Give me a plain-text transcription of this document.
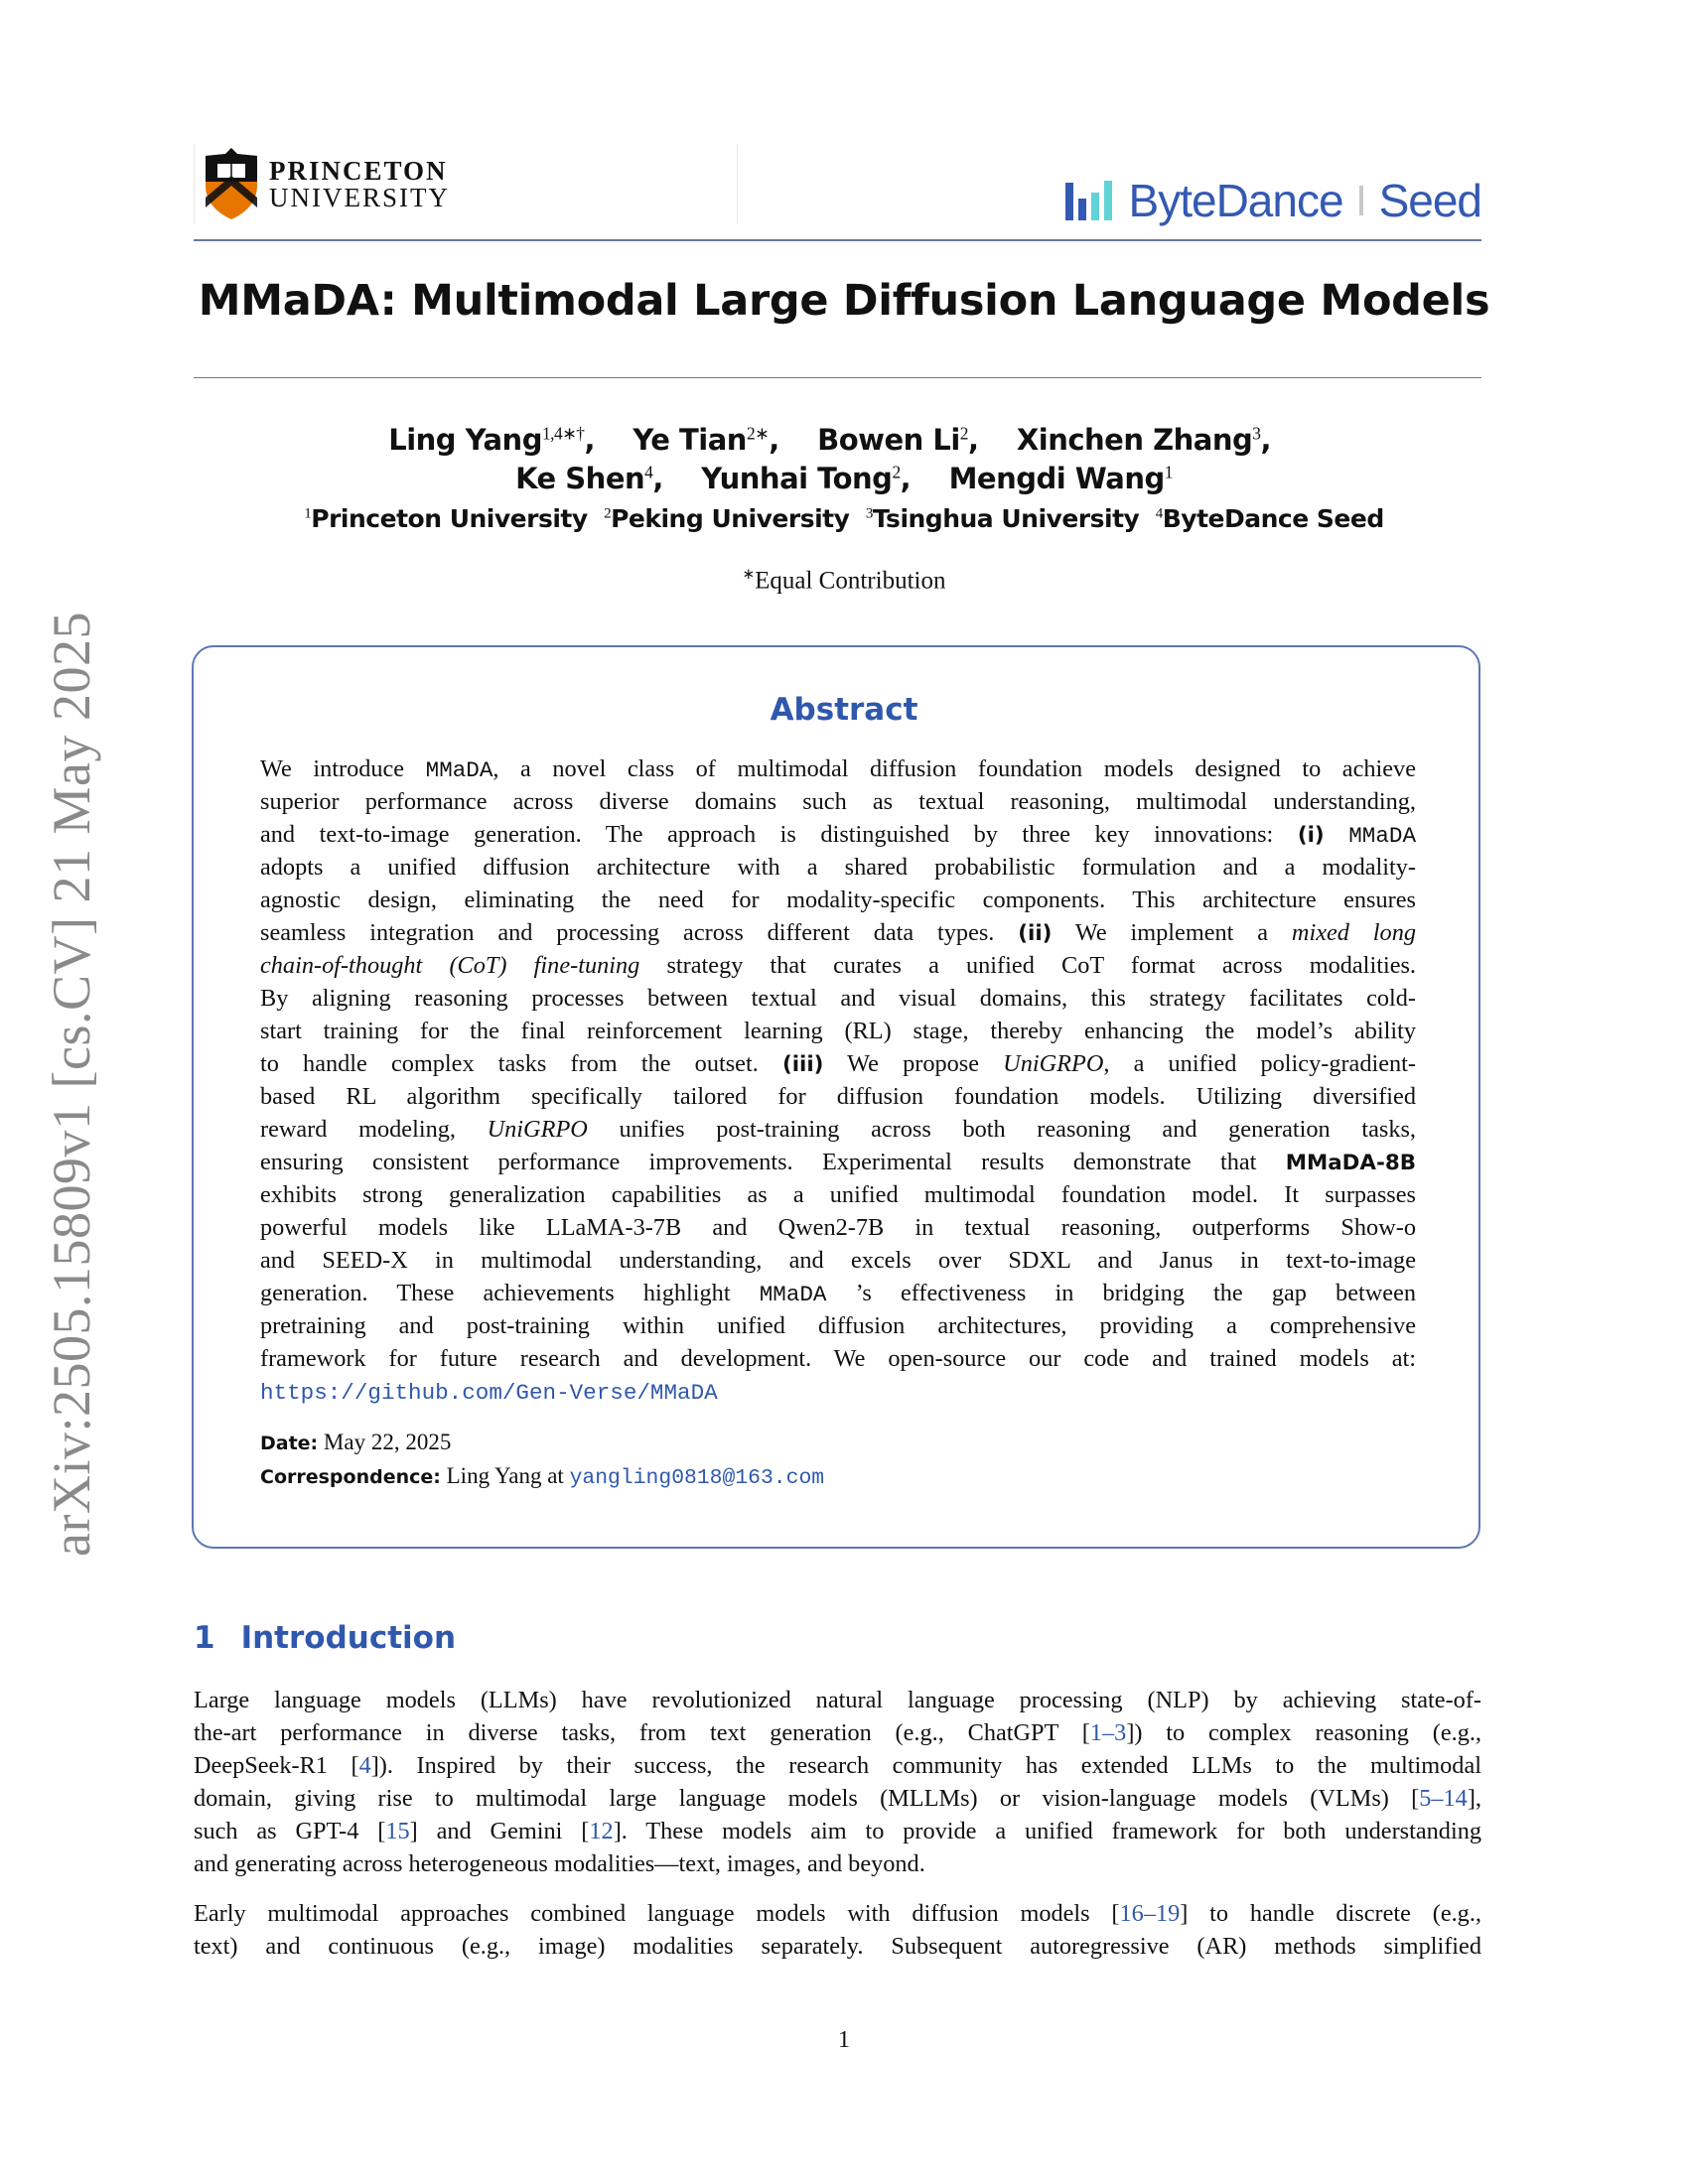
arXiv:2505.15809v1 [cs.CV] 21 May 2025
PRINCETON
UNIVERSITY	ByteDance Seed
MMaDA: Multimodal Large Diffusion Language Models
Ling Yang$^{1,4∗\dagger}$,    Ye Tian$^{2∗}$,    Bowen Li$^2$,    Xinchen Zhang$^3$,
Ke Shen$^4$,    Yunhai Tong$^2$,    Mengdi Wang$^1$
$^1$Princeton University $^2$Peking University $^3$Tsinghua University $^4$ByteDance Seed
∗Equal Contribution
Abstract
We introduce MMaDA, a novel class of multimodal diffusion foundation models designed to achieve
superior performance across diverse domains such as textual reasoning, multimodal understanding,
and text-to-image generation. The approach is distinguished by three key innovations: (i) MMaDA
adopts a unified diffusion architecture with a shared probabilistic formulation and a modality-
agnostic design, eliminating the need for modality-specific components. This architecture ensures
seamless integration and processing across different data types. (ii) We implement a mixed long
chain-of-thought (CoT) fine-tuning strategy that curates a unified CoT format across modalities.
By aligning reasoning processes between textual and visual domains, this strategy facilitates cold-
start training for the final reinforcement learning (RL) stage, thereby enhancing the model’s ability
to handle complex tasks from the outset. (iii) We propose UniGRPO, a unified policy-gradient-
based RL algorithm specifically tailored for diffusion foundation models. Utilizing diversified
reward modeling, UniGRPO unifies post-training across both reasoning and generation tasks,
ensuring consistent performance improvements. Experimental results demonstrate that MMaDA-8B
exhibits strong generalization capabilities as a unified multimodal foundation model. It surpasses
powerful models like LLaMA-3-7B and Qwen2-7B in textual reasoning, outperforms Show-o
and SEED-X in multimodal understanding, and excels over SDXL and Janus in text-to-image
generation. These achievements highlight MMaDA ’s effectiveness in bridging the gap between
pretraining and post-training within unified diffusion architectures, providing a comprehensive
framework for future research and development. We open-source our code and trained models at:
https://github.com/Gen-Verse/MMaDA
Date: May 22, 2025
Correspondence: Ling Yang at yangling0818@163.com
1 Introduction
Large language models (LLMs) have revolutionized natural language processing (NLP) by achieving state-of-
the-art performance in diverse tasks, from text generation (e.g., ChatGPT [1–3]) to complex reasoning (e.g.,
DeepSeek-R1 [4]). Inspired by their success, the research community has extended LLMs to the multimodal
domain, giving rise to multimodal large language models (MLLMs) or vision-language models (VLMs) [5–14],
such as GPT-4 [15] and Gemini [12]. These models aim to provide a unified framework for both understanding
and generating across heterogeneous modalities—text, images, and beyond.
Early multimodal approaches combined language models with diffusion models [16–19] to handle discrete (e.g.,
text) and continuous (e.g., image) modalities separately. Subsequent autoregressive (AR) methods simplified
1
